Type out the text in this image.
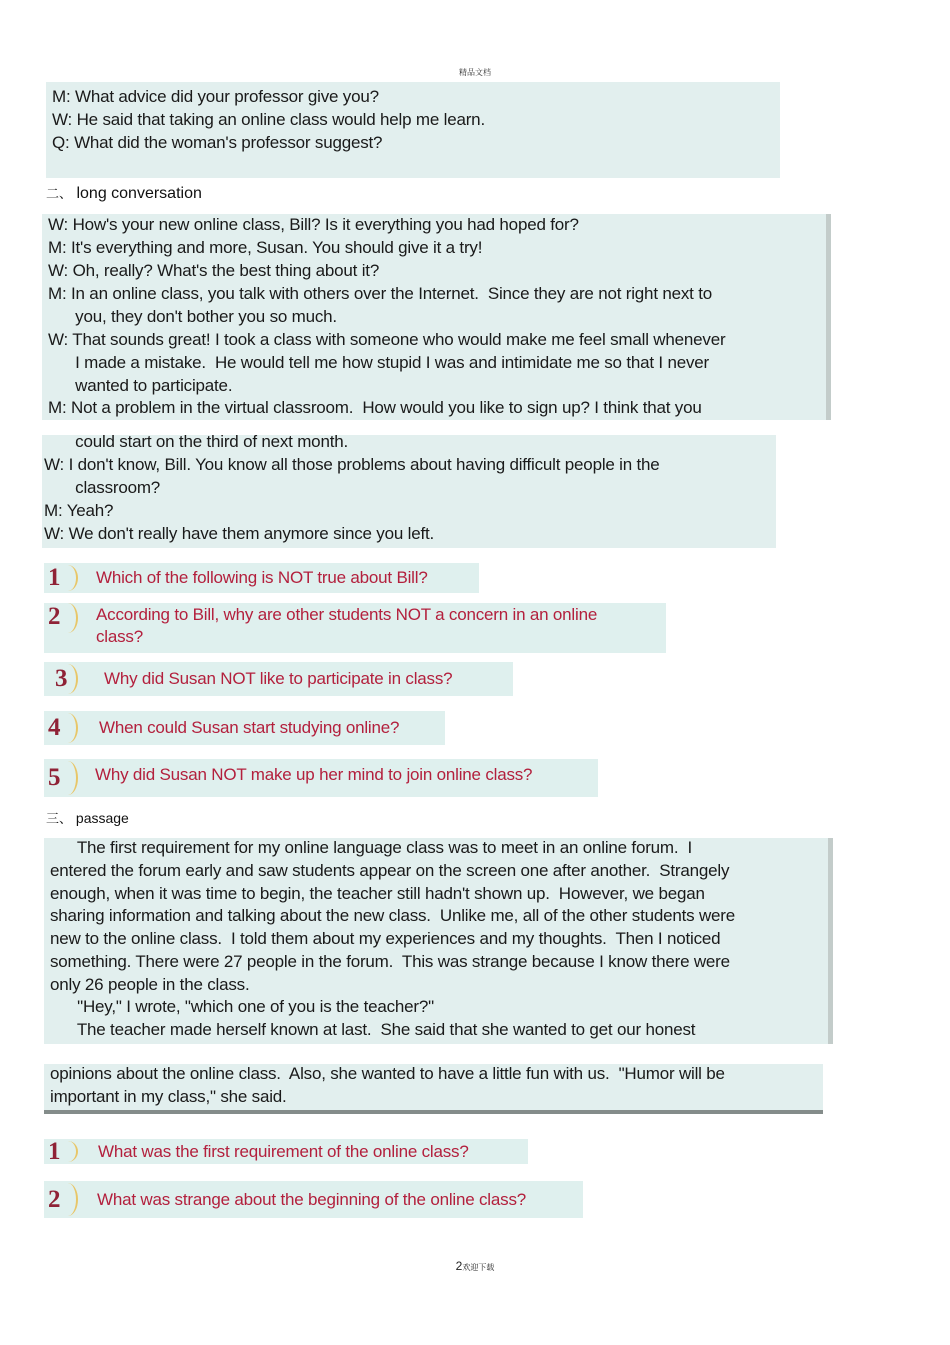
精品文档
M: What advice did your professor give you?
W: He said that taking an online class would help me learn.
Q: What did the woman's professor suggest?
二、 long conversation
W: How's your new online class, Bill? Is it everything you had hoped for?
M: It's everything and more, Susan. You should give it a try!
W: Oh, really? What's the best thing about it?
M: In an online class, you talk with others over the Internet.  Since they are not right next to
you, they don't bother you so much.
W: That sounds great! I took a class with someone who would make me feel small whenever
I made a mistake.  He would tell me how stupid I was and intimidate me so that I never
wanted to participate.
M: Not a problem in the virtual classroom.  How would you like to sign up? I think that you
could start on the third of next month.
W: I don't know, Bill. You know all those problems about having difficult people in the
classroom?
M: Yeah?
W: We don't really have them anymore since you left.
1 Which of the following is NOT true about Bill?
2 According to Bill, why are other students NOT a concern in an online
class?
3 Why did Susan NOT like to participate in class?
4 When could Susan start studying online?
5 Why did Susan NOT make up her mind to join online class?
三、 passage
The first requirement for my online language class was to meet in an online forum.  I
entered the forum early and saw students appear on the screen one after another.  Strangely
enough, when it was time to begin, the teacher still hadn't shown up.  However, we began
sharing information and talking about the new class.  Unlike me, all of the other students were
new to the online class.  I told them about my experiences and my thoughts.  Then I noticed
something. There were 27 people in the forum.  This was strange because I know there were
only 26 people in the class.
"Hey," I wrote, "which one of you is the teacher?"
The teacher made herself known at last.  She said that she wanted to get our honest
opinions about the online class.  Also, she wanted to have a little fun with us.  "Humor will be
important in my class," she said.
1 What was the first requirement of the online class?
2 What was strange about the beginning of the online class?
2欢迎下载
